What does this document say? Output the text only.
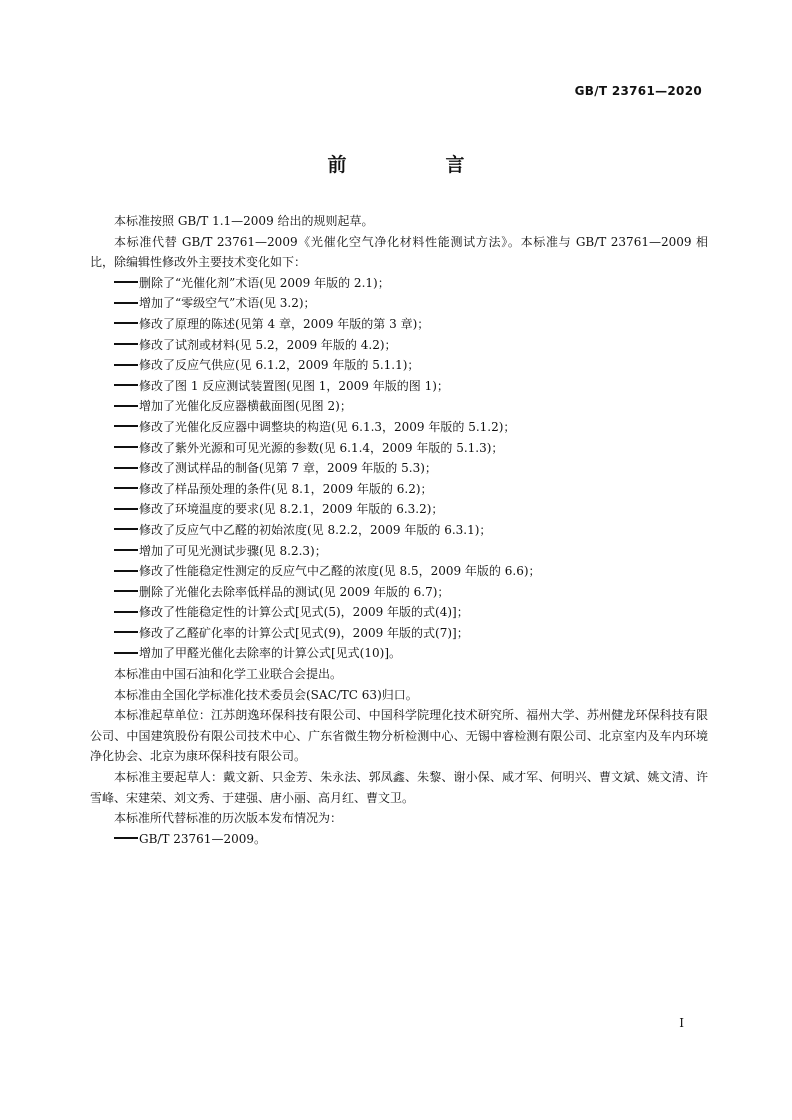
GB/T 23761—2020
前　言

本标准按照 GB/T 1.1—2009 给出的规则起草。

本标准代替 GB/T 23761—2009《光催化空气净化材料性能测试方法》。本标准与 GB/T 23761—2009 相比，除编辑性修改外主要技术变化如下：

删除了“光催化剂”术语(见 2009 年版的 2.1)；

增加了“零级空气”术语(见 3.2)；

修改了原理的陈述(见第 4 章，2009 年版的第 3 章)；

修改了试剂或材料(见 5.2，2009 年版的 4.2)；

修改了反应气供应(见 6.1.2，2009 年版的 5.1.1)；

修改了图 1 反应测试装置图(见图 1，2009 年版的图 1)；

增加了光催化反应器横截面图(见图 2)；

修改了光催化反应器中调整块的构造(见 6.1.3，2009 年版的 5.1.2)；

修改了紫外光源和可见光源的参数(见 6.1.4，2009 年版的 5.1.3)；

修改了测试样品的制备(见第 7 章，2009 年版的 5.3)；

修改了样品预处理的条件(见 8.1，2009 年版的 6.2)；

修改了环境温度的要求(见 8.2.1，2009 年版的 6.3.2)；

修改了反应气中乙醛的初始浓度(见 8.2.2，2009 年版的 6.3.1)；

增加了可见光测试步骤(见 8.2.3)；

修改了性能稳定性测定的反应气中乙醛的浓度(见 8.5，2009 年版的 6.6)；

删除了光催化去除率低样品的测试(见 2009 年版的 6.7)；

修改了性能稳定性的计算公式[见式(5)，2009 年版的式(4)]；

修改了乙醛矿化率的计算公式[见式(9)，2009 年版的式(7)]；

增加了甲醛光催化去除率的计算公式[见式(10)]。

本标准由中国石油和化学工业联合会提出。

本标准由全国化学标准化技术委员会(SAC/TC 63)归口。

本标准起草单位：江苏朗逸环保科技有限公司、中国科学院理化技术研究所、福州大学、苏州健龙环保科技有限公司、中国建筑股份有限公司技术中心、广东省微生物分析检测中心、无锡中睿检测有限公司、北京室内及车内环境净化协会、北京为康环保科技有限公司。

本标准主要起草人：戴文新、只金芳、朱永法、郭凤鑫、朱黎、谢小保、咸才军、何明兴、曹文斌、姚文清、许雪峰、宋建荣、刘文秀、于建强、唐小丽、高月红、曹文卫。

本标准所代替标准的历次版本发布情况为：

GB/T 23761—2009。

I
